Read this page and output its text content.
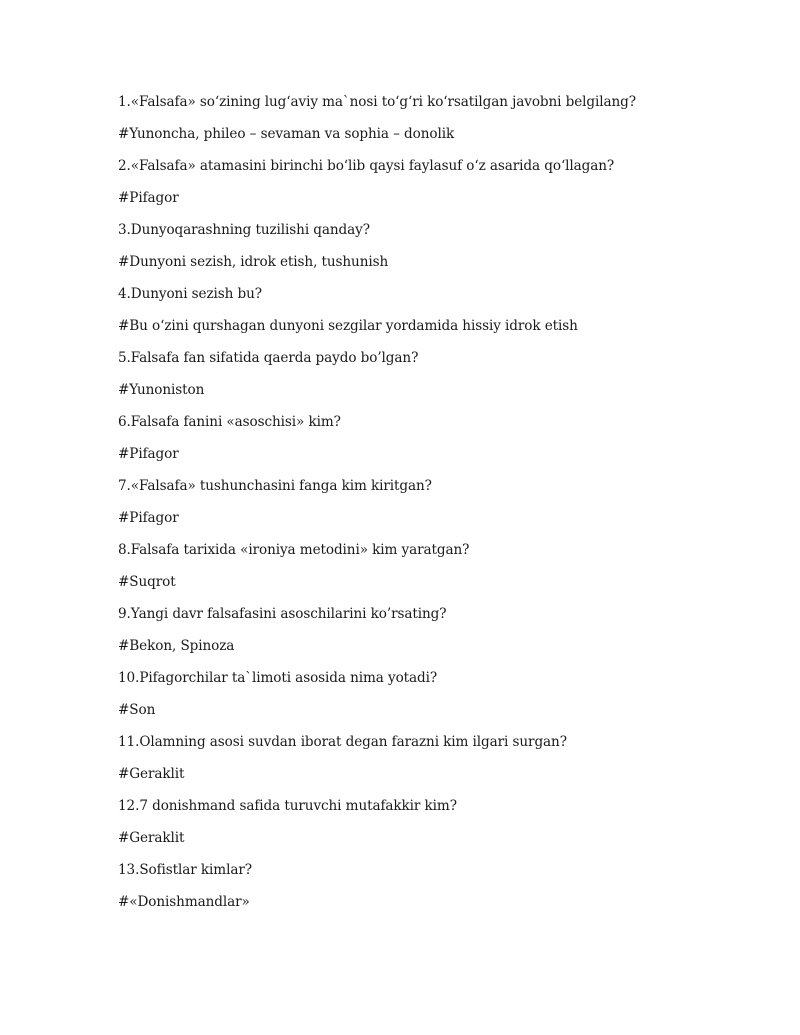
1.«Falsafa» so‘zining lug‘aviy ma`nosi to‘g‘ri ko‘rsatilgan javobni belgilang?
#Yunoncha, phileo – sevaman va sophia – donolik
2.«Falsafa» atamasini birinchi bo‘lib qaysi faylasuf o‘z asarida qo‘llagan?
#Pifagor
3.Dunyoqarashning tuzilishi qanday?
#Dunyoni sezish, idrok etish, tushunish
4.Dunyoni sezish bu?
#Bu o‘zini qurshagan dunyoni sezgilar yordamida hissiy idrok etish
5.Falsafa fan sifatida qaerda paydo bo’lgan?
#Yunoniston
6.Falsafa fanini «asoschisi» kim?
#Pifagor
7.«Falsafa» tushunchasini fanga kim kiritgan?
#Pifagor
8.Falsafa tarixida «ironiya metodini» kim yaratgan?
#Suqrot
9.Yangi davr falsafasini asoschilarini ko’rsating?
#Bekon, Spinoza
10.Pifagorchilar ta`limoti asosida nima yotadi?
#Son
11.Olamning asosi suvdan iborat degan farazni kim ilgari surgan?
#Geraklit
12.7 donishmand safida turuvchi mutafakkir kim?
#Geraklit
13.Sofistlar kimlar?
#«Donishmandlar»
